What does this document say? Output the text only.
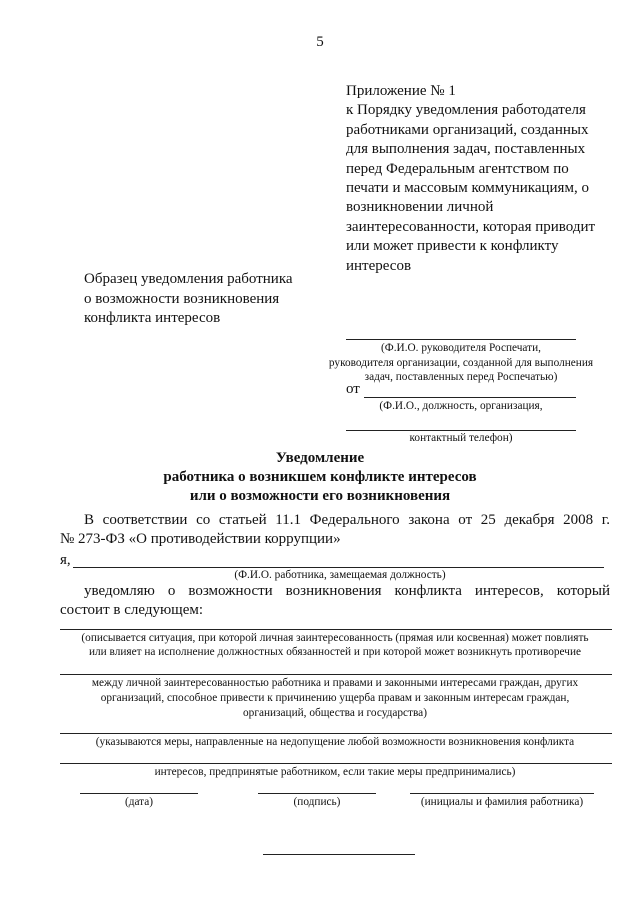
5
Приложение № 1
к Порядку уведомления работодателя
работниками организаций, созданных
для выполнения задач, поставленных
перед Федеральным агентством по
печати и массовым коммуникациям, о
возникновении личной
заинтересованности, которая приводит
или может привести к конфликту
интересов
Образец уведомления работника
о возможности возникновения
конфликта интересов
(Ф.И.О. руководителя Роспечати,
руководителя организации, созданной для выполнения
задач, поставленных перед Роспечатью)
от
(Ф.И.О., должность, организация,
контактный телефон)
Уведомление
работника о возникшем конфликте интересов
или о возможности его возникновения
В соответствии со статьей 11.1 Федерального закона от 25 декабря 2008 г.
№ 273-ФЗ «О противодействии коррупции»
я,
(Ф.И.О. работника, замещаемая должность)
уведомляю о возможности возникновения конфликта интересов, который
состоит в следующем:
(описывается ситуация, при которой личная заинтересованность (прямая или косвенная) может повлиять
или влияет на исполнение должностных обязанностей и при которой может возникнуть противоречие
между личной заинтересованностью работника и правами и законными интересами граждан, других
организаций, способное привести к причинению ущерба правам и законным интересам граждан,
организаций, общества и государства)
(указываются меры, направленные на недопущение любой возможности возникновения конфликта
интересов, предпринятые работником, если такие меры предпринимались)
(дата)	(подпись)	(инициалы и фамилия работника)
